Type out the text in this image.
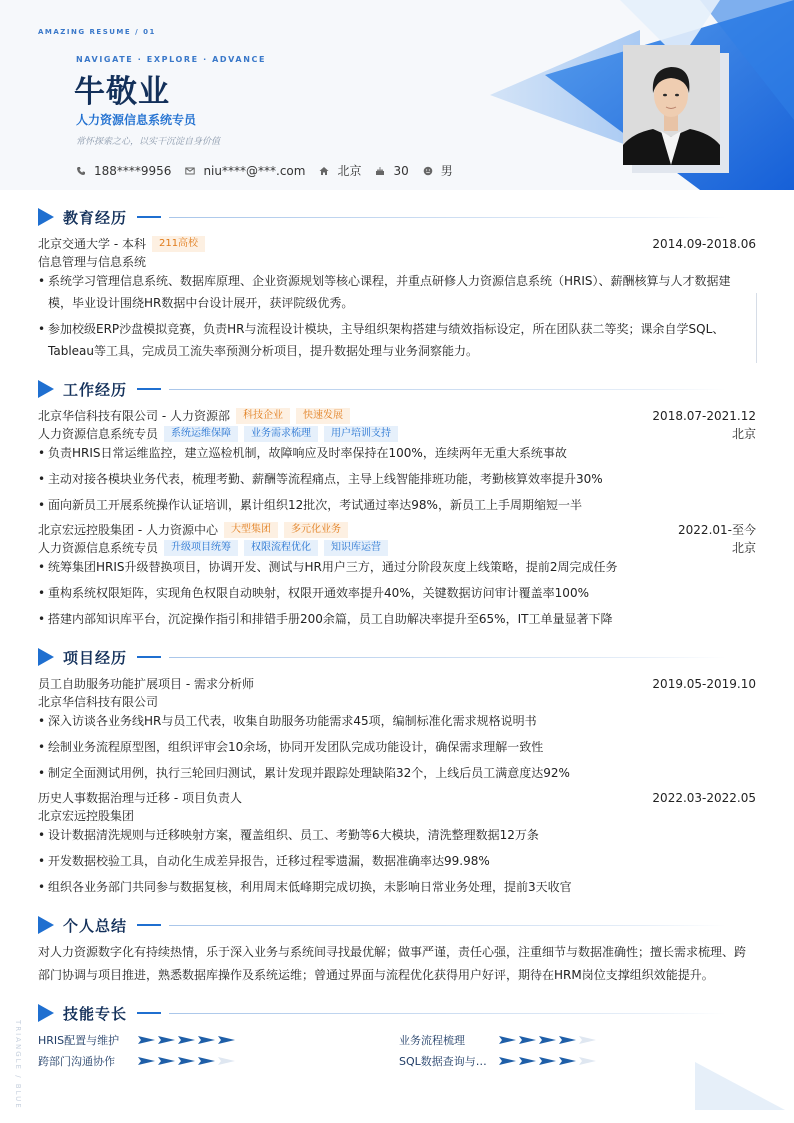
AMAZING RESUME / 01
NAVIGATE · EXPLORE · ADVANCE
牛敬业
人力资源信息系统专员
常怀探索之心，以实干沉淀自身价值
188****9956	niu****@***.com	北京	30	男
教育经历
北京交通大学 - 本科	211高校	2014.09-2018.06
信息管理与信息系统
• 系统学习管理信息系统、数据库原理、企业资源规划等核心课程，并重点研修人力资源信息系统（HRIS）、薪酬核算与人才数据建模，毕业设计围绕HR数据中台设计展开，获评院级优秀。
• 参加校级ERP沙盘模拟竞赛，负责HR与流程设计模块，主导组织架构搭建与绩效指标设定，所在团队获二等奖；课余自学SQL、Tableau等工具，完成员工流失率预测分析项目，提升数据处理与业务洞察能力。
工作经历
北京华信科技有限公司 - 人力资源部	科技企业	快速发展	2018.07-2021.12
人力资源信息系统专员	系统运维保障	业务需求梳理	用户培训支持	北京
• 负责HRIS日常运维监控，建立巡检机制，故障响应及时率保持在100%，连续两年无重大系统事故
• 主动对接各模块业务代表，梳理考勤、薪酬等流程痛点，主导上线智能排班功能，考勤核算效率提升30%
• 面向新员工开展系统操作认证培训，累计组织12批次，考试通过率达98%，新员工上手周期缩短一半
北京宏远控股集团 - 人力资源中心	大型集团	多元化业务	2022.01-至今
人力资源信息系统专员	升级项目统筹	权限流程优化	知识库运营	北京
• 统筹集团HRIS升级替换项目，协调开发、测试与HR用户三方，通过分阶段灰度上线策略，提前2周完成任务
• 重构系统权限矩阵，实现角色权限自动映射，权限开通效率提升40%，关键数据访问审计覆盖率100%
• 搭建内部知识库平台，沉淀操作指引和排错手册200余篇，员工自助解决率提升至65%，IT工单量显著下降
项目经历
员工自助服务功能扩展项目 - 需求分析师	2019.05-2019.10
北京华信科技有限公司
• 深入访谈各业务线HR与员工代表，收集自助服务功能需求45项，编制标准化需求规格说明书
• 绘制业务流程原型图，组织评审会10余场，协同开发团队完成功能设计，确保需求理解一致性
• 制定全面测试用例，执行三轮回归测试，累计发现并跟踪处理缺陷32个，上线后员工满意度达92%
历史人事数据治理与迁移 - 项目负责人	2022.03-2022.05
北京宏远控股集团
• 设计数据清洗规则与迁移映射方案，覆盖组织、员工、考勤等6大模块，清洗整理数据12万条
• 开发数据校验工具，自动化生成差异报告，迁移过程零遗漏，数据准确率达99.98%
• 组织各业务部门共同参与数据复核，利用周末低峰期完成切换，未影响日常业务处理，提前3天收官
个人总结
对人力资源数字化有持续热情，乐于深入业务与系统间寻找最优解；做事严谨，责任心强，注重细节与数据准确性；擅长需求梳理、跨部门协调与项目推进，熟悉数据库操作及系统运维；曾通过界面与流程优化获得用户好评，期待在HRM岗位支撑组织效能提升。
技能专长
HRIS配置与维护	业务流程梳理
跨部门沟通协作	SQL数据查询与…
TRIANGLE / BLUE
